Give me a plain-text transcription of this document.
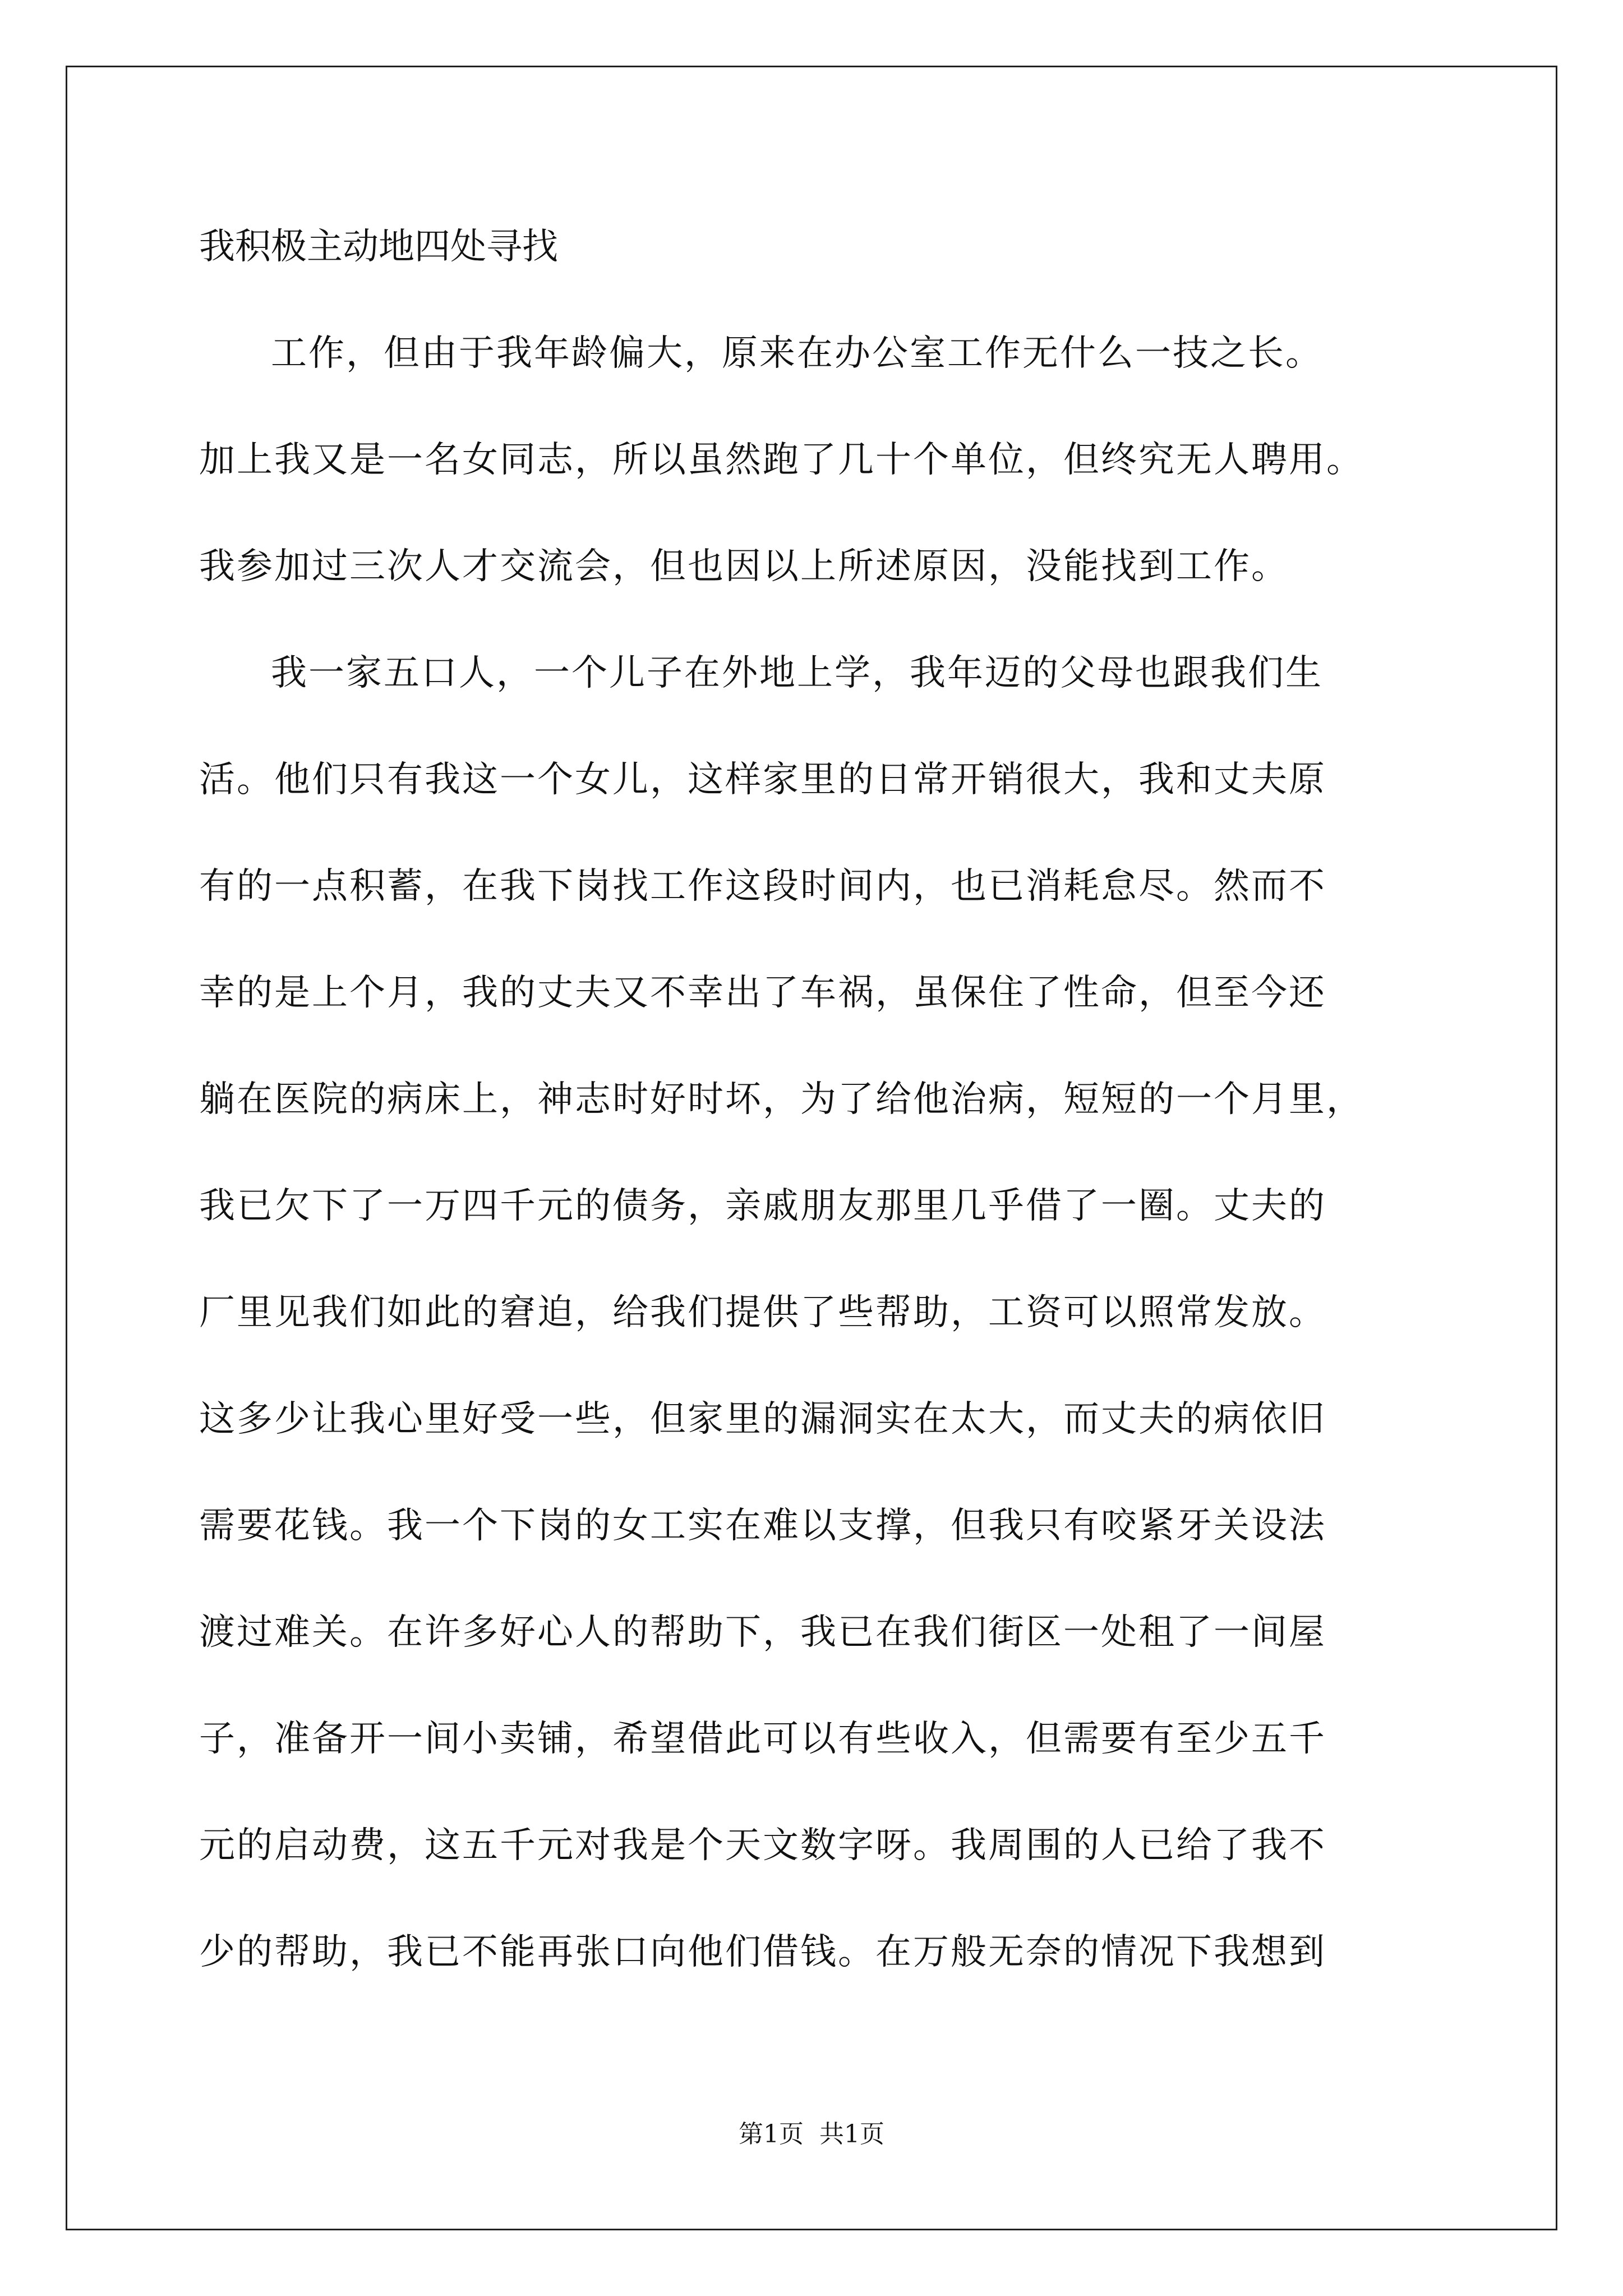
我积极主动地四处寻找

工作，但由于我年龄偏大，原来在办公室工作无什么一技之长。

加上我又是一名女同志，所以虽然跑了几十个单位，但终究无人聘用。

我参加过三次人才交流会，但也因以上所述原因，没能找到工作。

我一家五口人，一个儿子在外地上学，我年迈的父母也跟我们生

活。他们只有我这一个女儿，这样家里的日常开销很大，我和丈夫原

有的一点积蓄，在我下岗找工作这段时间内，也已消耗怠尽。然而不

幸的是上个月，我的丈夫又不幸出了车祸，虽保住了性命，但至今还

躺在医院的病床上，神志时好时坏，为了给他治病，短短的一个月里，

我已欠下了一万四千元的债务，亲戚朋友那里几乎借了一圈。丈夫的

厂里见我们如此的窘迫，给我们提供了些帮助，工资可以照常发放。

这多少让我心里好受一些，但家里的漏洞实在太大，而丈夫的病依旧

需要花钱。我一个下岗的女工实在难以支撑，但我只有咬紧牙关设法

渡过难关。在许多好心人的帮助下，我已在我们街区一处租了一间屋

子，准备开一间小卖铺，希望借此可以有些收入，但需要有至少五千

元的启动费，这五千元对我是个天文数字呀。我周围的人已给了我不

少的帮助，我已不能再张口向他们借钱。在万般无奈的情况下我想到

第1页 共1页
